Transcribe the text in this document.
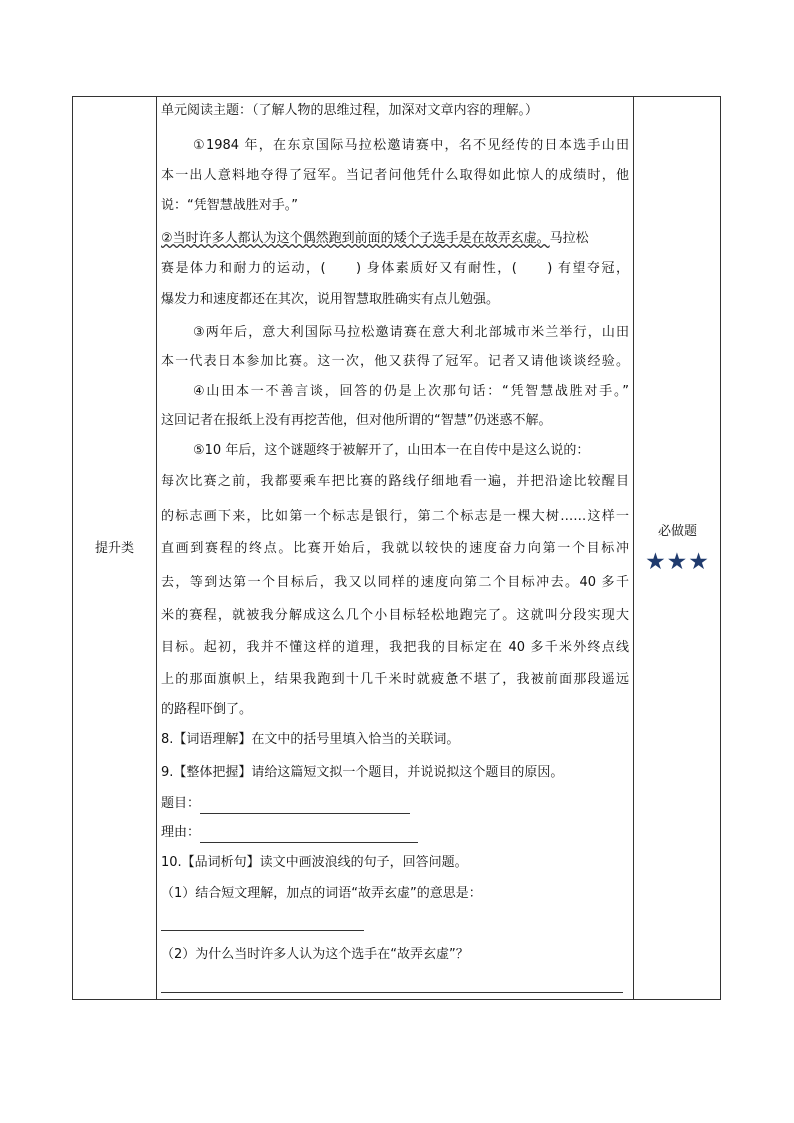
提升类
必做题
★★★
单元阅读主题：（了解人物的思维过程，加深对文章内容的理解。）
①1984 年，在东京国际马拉松邀请赛中，名不见经传的日本选手山田
本一出人意料地夺得了冠军。当记者问他凭什么取得如此惊人的成绩时，他
说：“凭智慧战胜对手。”
②当时许多人都认为这个偶然跑到前面的矮个子选手是在故弄玄虚。马拉松
赛是体力和耐力的运动，(　　) 身体素质好又有耐性，(　　) 有望夺冠，
爆发力和速度都还在其次，说用智慧取胜确实有点儿勉强。
③两年后，意大利国际马拉松邀请赛在意大利北部城市米兰举行，山田
本一代表日本参加比赛。这一次，他又获得了冠军。记者又请他谈谈经验。
④山田本一不善言谈，回答的仍是上次那句话：“凭智慧战胜对手。”
这回记者在报纸上没有再挖苦他，但对他所谓的“智慧”仍迷惑不解。
⑤10 年后，这个谜题终于被解开了，山田本一在自传中是这么说的：
每次比赛之前，我都要乘车把比赛的路线仔细地看一遍，并把沿途比较醒目
的标志画下来，比如第一个标志是银行，第二个标志是一棵大树……这样一
直画到赛程的终点。比赛开始后，我就以较快的速度奋力向第一个目标冲
去，等到达第一个目标后，我又以同样的速度向第二个目标冲去。40 多千
米的赛程，就被我分解成这么几个小目标轻松地跑完了。这就叫分段实现大
目标。起初，我并不懂这样的道理，我把我的目标定在 40 多千米外终点线
上的那面旗帜上，结果我跑到十几千米时就疲惫不堪了，我被前面那段遥远
的路程吓倒了。
8.【词语理解】在文中的括号里填入恰当的关联词。
9.【整体把握】请给这篇短文拟一个题目，并说说拟这个题目的原因。
题目：
理由：
10.【品词析句】读文中画波浪线的句子，回答问题。
（1）结合短文理解，加点的词语“故弄玄虚”的意思是：
（2）为什么当时许多人认为这个选手在“故弄玄虚”？
